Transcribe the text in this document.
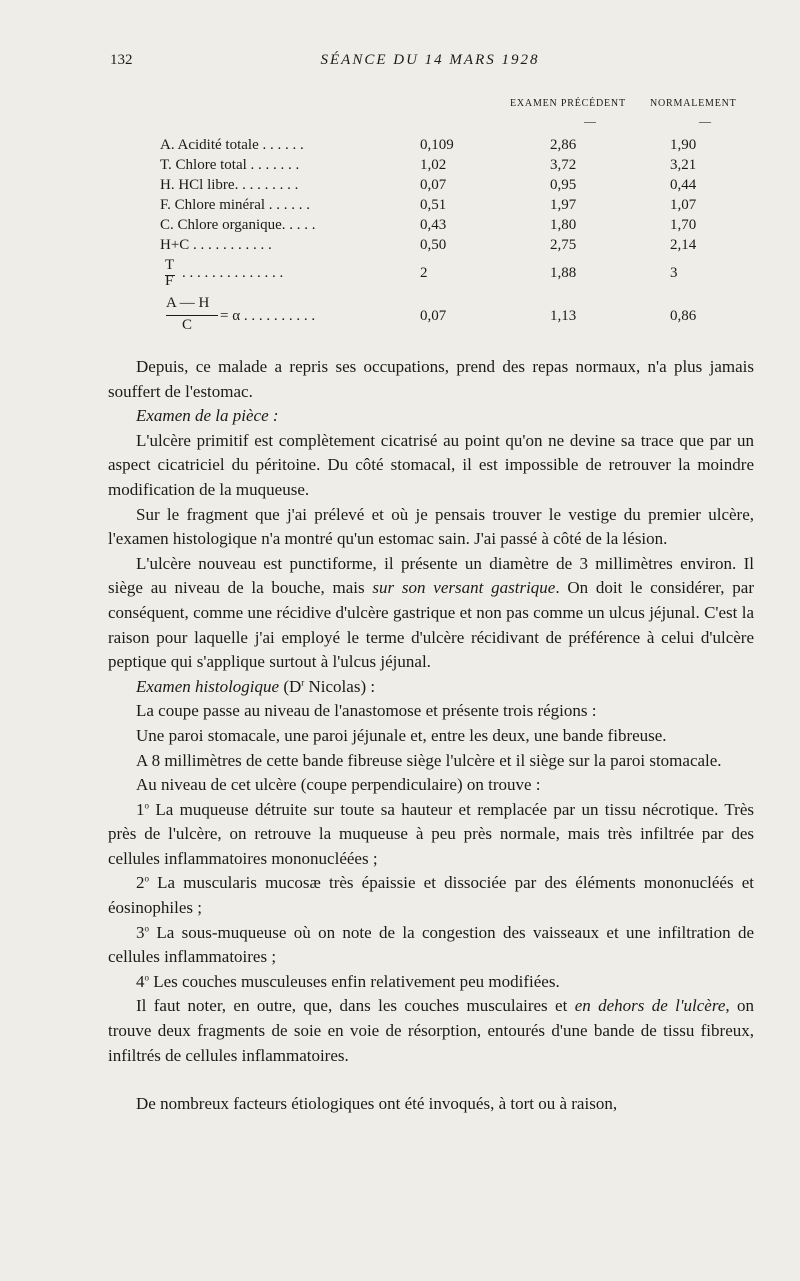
132	SÉANCE DU 14 MARS 1928
EXAMEN PRÉCÉDENT NORMALEMENT
—	—
A. Acidité totale . . . . . .	0,109	2,86	1,90
T. Chlore total . . . . . . .	1,02	3,72	3,21
H. HCl libre. . . . . . . . .	0,07	0,95	0,44
F. Chlore minéral . . . . . .	0,51	1,97	1,07
C. Chlore organique. . . . .	0,43	1,80	1,70
H+C . . . . . . . . . . .	0,50	2,75	2,14
T
F . . . . . . . . . . . . . .	2	1,88	3
A — H
C
= α . . . . . . . . . .	0,07	1,13	0,86

Depuis, ce malade a repris ses occupations, prend des repas normaux, n'a plus jamais souffert de l'estomac.

Examen de la pièce :

L'ulcère primitif est complètement cicatrisé au point qu'on ne devine sa trace que par un aspect cicatriciel du péritoine. Du côté stomacal, il est impossible de retrouver la moindre modification de la muqueuse.

Sur le fragment que j'ai prélevé et où je pensais trouver le vestige du premier ulcère, l'examen histologique n'a montré qu'un estomac sain. J'ai passé à côté de la lésion.

L'ulcère nouveau est punctiforme, il présente un diamètre de 3 millimètres environ. Il siège au niveau de la bouche, mais sur son versant gastrique. On doit le considérer, par conséquent, comme une récidive d'ulcère gastrique et non pas comme un ulcus jéjunal. C'est la raison pour laquelle j'ai employé le terme d'ulcère récidivant de préférence à celui d'ulcère peptique qui s'applique surtout à l'ulcus jéjunal.

Examen histologique ($D^r$ Nicolas) :

La coupe passe au niveau de l'anastomose et présente trois régions :

Une paroi stomacale, une paroi jéjunale et, entre les deux, une bande fibreuse.

A 8 millimètres de cette bande fibreuse siège l'ulcère et il siège sur la paroi stomacale.

Au niveau de cet ulcère (coupe perpendiculaire) on trouve :

1$^o$ La muqueuse détruite sur toute sa hauteur et remplacée par un tissu nécrotique. Très près de l'ulcère, on retrouve la muqueuse à peu près normale, mais très infiltrée par des cellules inflammatoires mononucléées ;

2$^o$ La muscularis mucosæ très épaissie et dissociée par des éléments mononucléés et éosinophiles ;

3$^o$ La sous-muqueuse où on note de la congestion des vaisseaux et une infiltration de cellules inflammatoires ;

4$^o$ Les couches musculeuses enfin relativement peu modifiées.

Il faut noter, en outre, que, dans les couches musculaires et en dehors de l'ulcère, on trouve deux fragments de soie en voie de résorption, entourés d'une bande de tissu fibreux, infiltrés de cellules inflammatoires.

De nombreux facteurs étiologiques ont été invoqués, à tort ou à raison,
